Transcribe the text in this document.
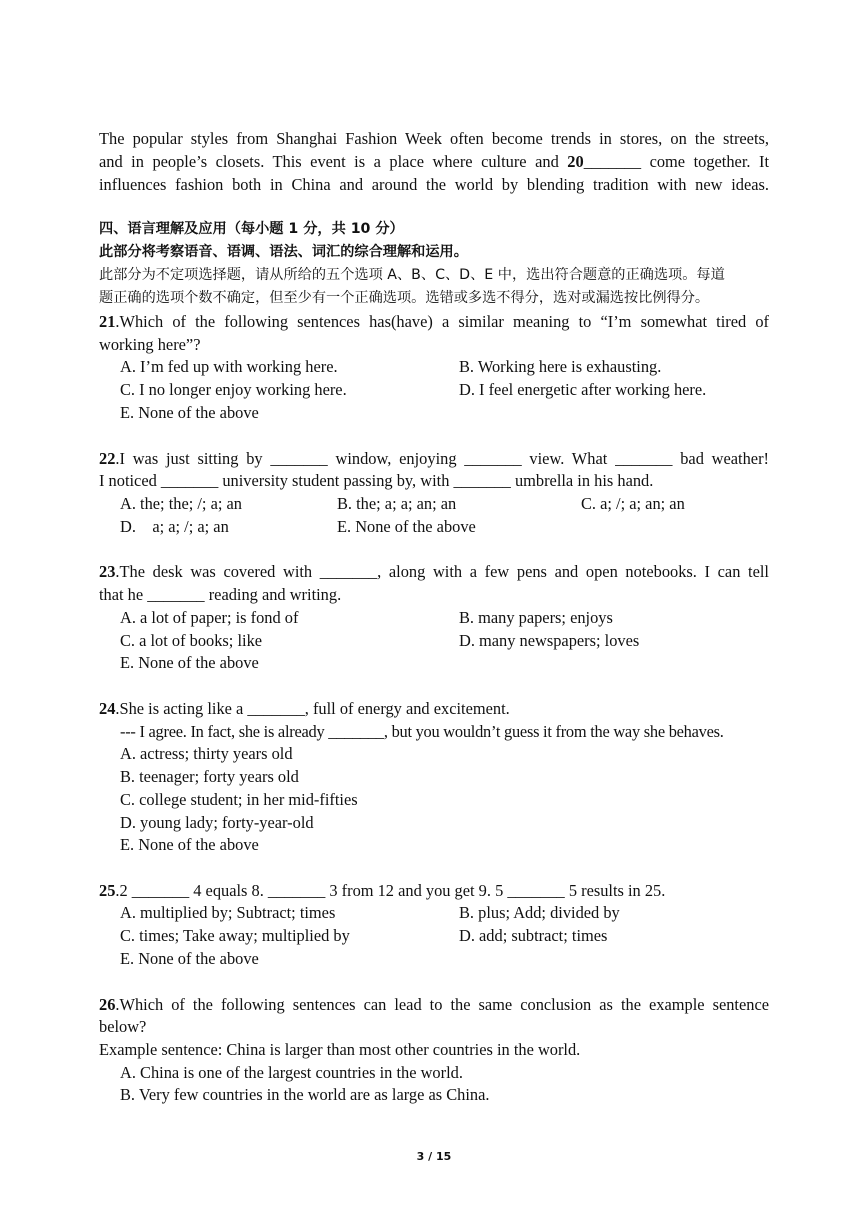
The popular styles from Shanghai Fashion Week often become trends in stores, on the streets,
and in people’s closets. This event is a place where culture and 20_______ come together. It
influences fashion both in China and around the world by blending tradition with new ideas.
四、语言理解及应用（每小题 1 分，共 10 分）
此部分将考察语音、语调、语法、词汇的综合理解和运用。
此部分为不定项选择题，请从所给的五个选项 A、B、C、D、E 中，选出符合题意的正确选项。每道
题正确的选项个数不确定，但至少有一个正确选项。选错或多选不得分，选对或漏选按比例得分。
21.Which of the following sentences has(have) a similar meaning to “I’m somewhat tired of
working here”?
A. I’m fed up with working here.	B. Working here is exhausting.
C. I no longer enjoy working here.	D. I feel energetic after working here.
E. None of the above
22.I was just sitting by _______ window, enjoying _______ view. What _______ bad weather!
I noticed _______ university student passing by, with _______ umbrella in his hand.
A. the; the; /; a; an	B. the; a; a; an; an	C. a; /; a; an; an
D.    a; a; /; a; an	E. None of the above
23.The desk was covered with _______, along with a few pens and open notebooks. I can tell
that he _______ reading and writing.
A. a lot of paper; is fond of	B. many papers; enjoys
C. a lot of books; like	D. many newspapers; loves
E. None of the above
24.She is acting like a _______, full of energy and excitement.
--- I agree. In fact, she is already _______, but you wouldn’t guess it from the way she behaves.
A. actress; thirty years old
B. teenager; forty years old
C. college student; in her mid-fifties
D. young lady; forty-year-old
E. None of the above
25.2 _______ 4 equals 8. _______ 3 from 12 and you get 9. 5 _______ 5 results in 25.
A. multiplied by; Subtract; times	B. plus; Add; divided by
C. times; Take away; multiplied by	D. add; subtract; times
E. None of the above
26.Which of the following sentences can lead to the same conclusion as the example sentence
below?
Example sentence: China is larger than most other countries in the world.
A. China is one of the largest countries in the world.
B. Very few countries in the world are as large as China.
3 / 15
